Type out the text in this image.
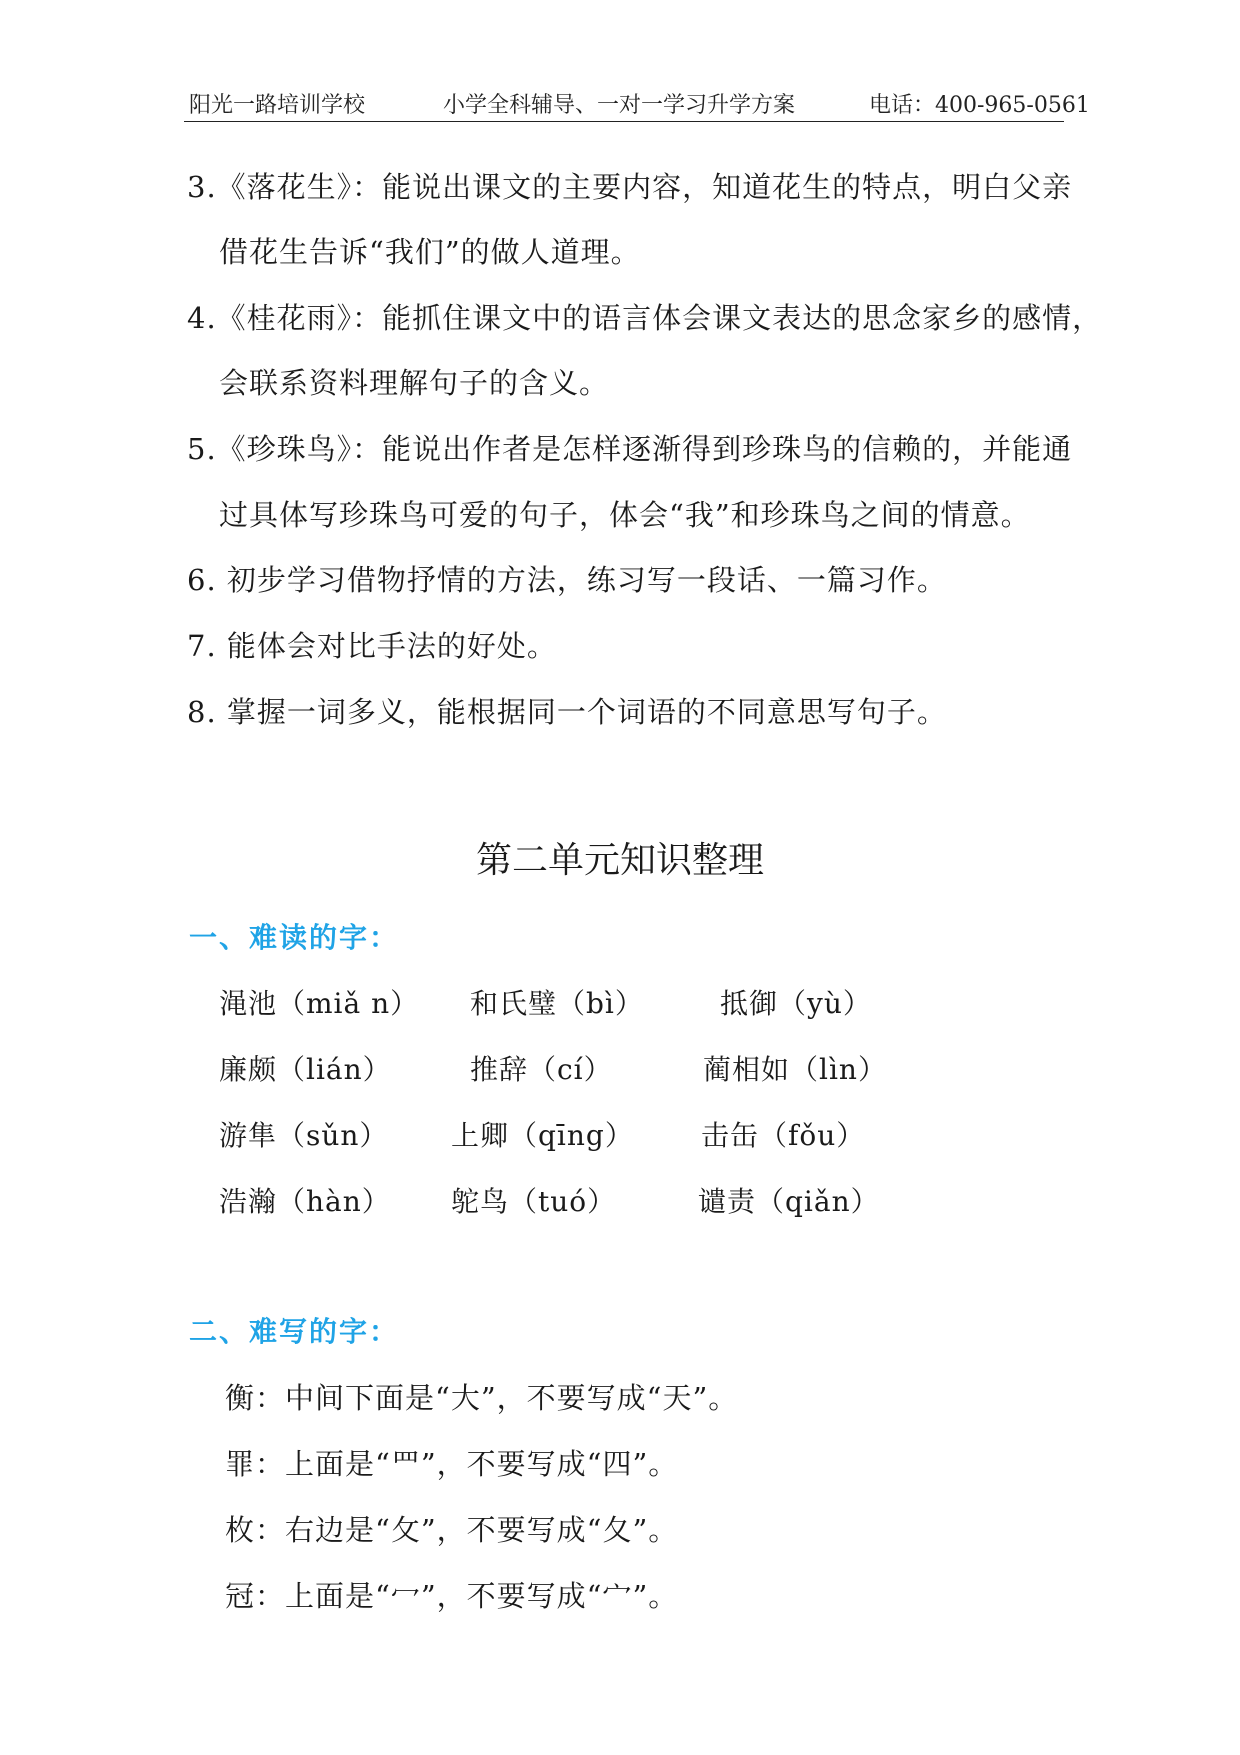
阳光一路培训学校	小学全科辅导、一对一学习升学方案	电话：400-965-0561
3.《落花生》：能说出课文的主要内容，知道花生的特点，明白父亲
借花生告诉“我们”的做人道理。
4.《桂花雨》：能抓住课文中的语言体会课文表达的思念家乡的感情，
会联系资料理解句子的含义。
5.《珍珠鸟》：能说出作者是怎样逐渐得到珍珠鸟的信赖的，并能通
过具体写珍珠鸟可爱的句子，体会“我”和珍珠鸟之间的情意。
6. 初步学习借物抒情的方法，练习写一段话、一篇习作。
7. 能体会对比手法的好处。
8. 掌握一词多义，能根据同一个词语的不同意思写句子。
第二单元知识整理
一、难读的字：
渑池（miǎ n） 和氏璧（bì）	抵御（yù）
廉颇（lián）	推辞（cí）	蔺相如（lìn）
游隼（sǔn） 上卿（qīng） 击缶（fǒu）
浩瀚（hàn） 鸵鸟（tuó）	谴责（qiǎn）
二、难写的字：
衡：中间下面是“大”，不要写成“天”。
罪：上面是“罒”，不要写成“四”。
枚：右边是“攵”，不要写成“夂”。
冠：上面是“冖”，不要写成“宀”。
